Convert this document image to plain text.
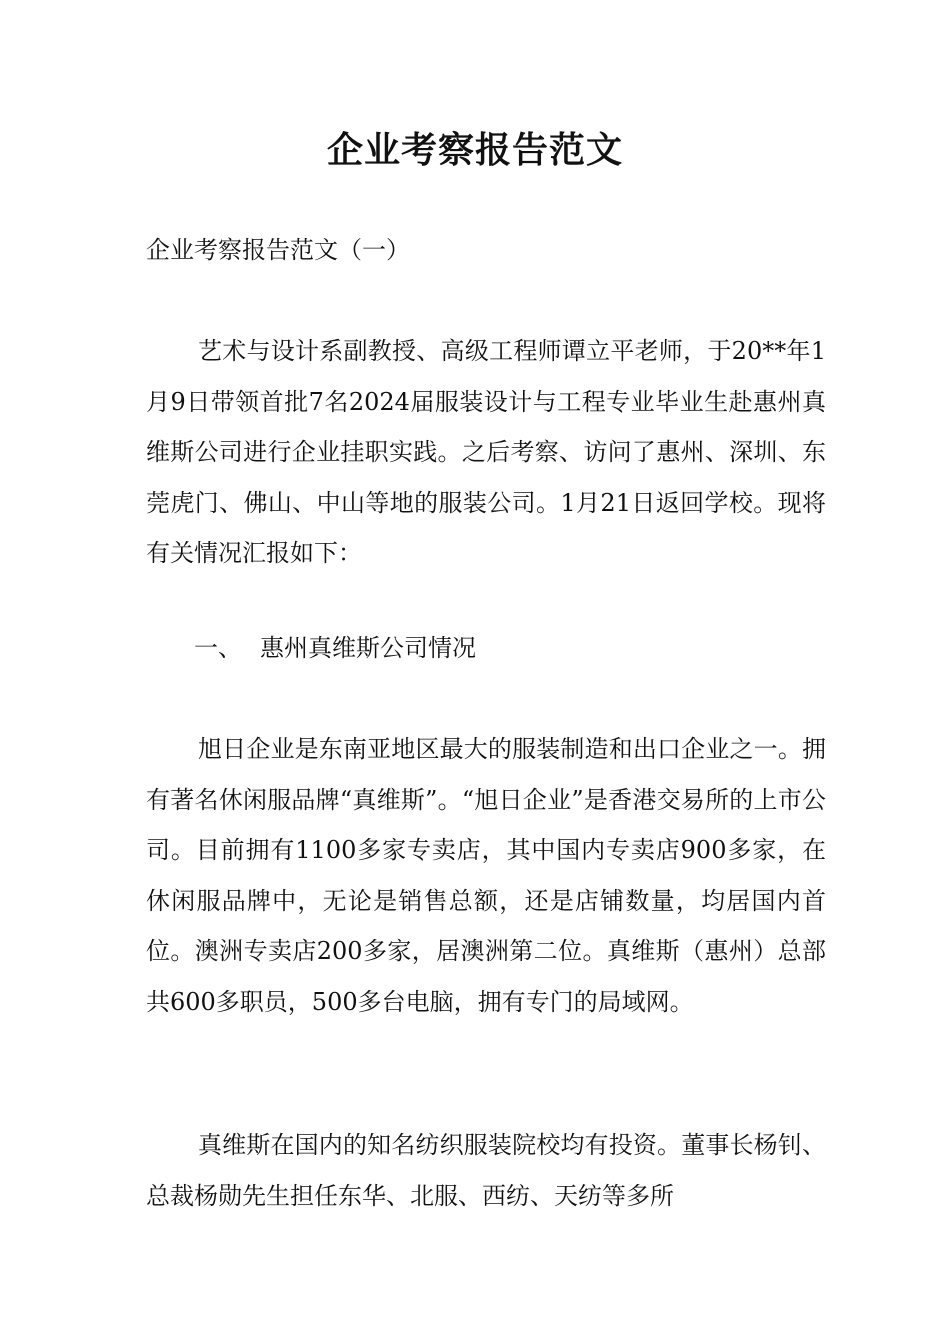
企业考察报告范文
企业考察报告范文（一）
艺术与设计系副教授、高级工程师谭立平老师，于20**年1月9日带领首批7名2024届服装设计与工程专业毕业生赴惠州真维斯公司进行企业挂职实践。之后考察、访问了惠州、深圳、东莞虎门、佛山、中山等地的服装公司。1月21日返回学校。现将有关情况汇报如下：
一、 惠州真维斯公司情况
旭日企业是东南亚地区最大的服装制造和出口企业之一。拥有著名休闲服品牌“真维斯”。“旭日企业”是香港交易所的上市公司。目前拥有1100多家专卖店，其中国内专卖店900多家，在休闲服品牌中，无论是销售总额，还是店铺数量，均居国内首位。澳洲专卖店200多家，居澳洲第二位。真维斯（惠州）总部共600多职员，500多台电脑，拥有专门的局域网。
真维斯在国内的知名纺织服装院校均有投资。董事长杨钊、总裁杨勋先生担任东华、北服、西纺、天纺等多所
